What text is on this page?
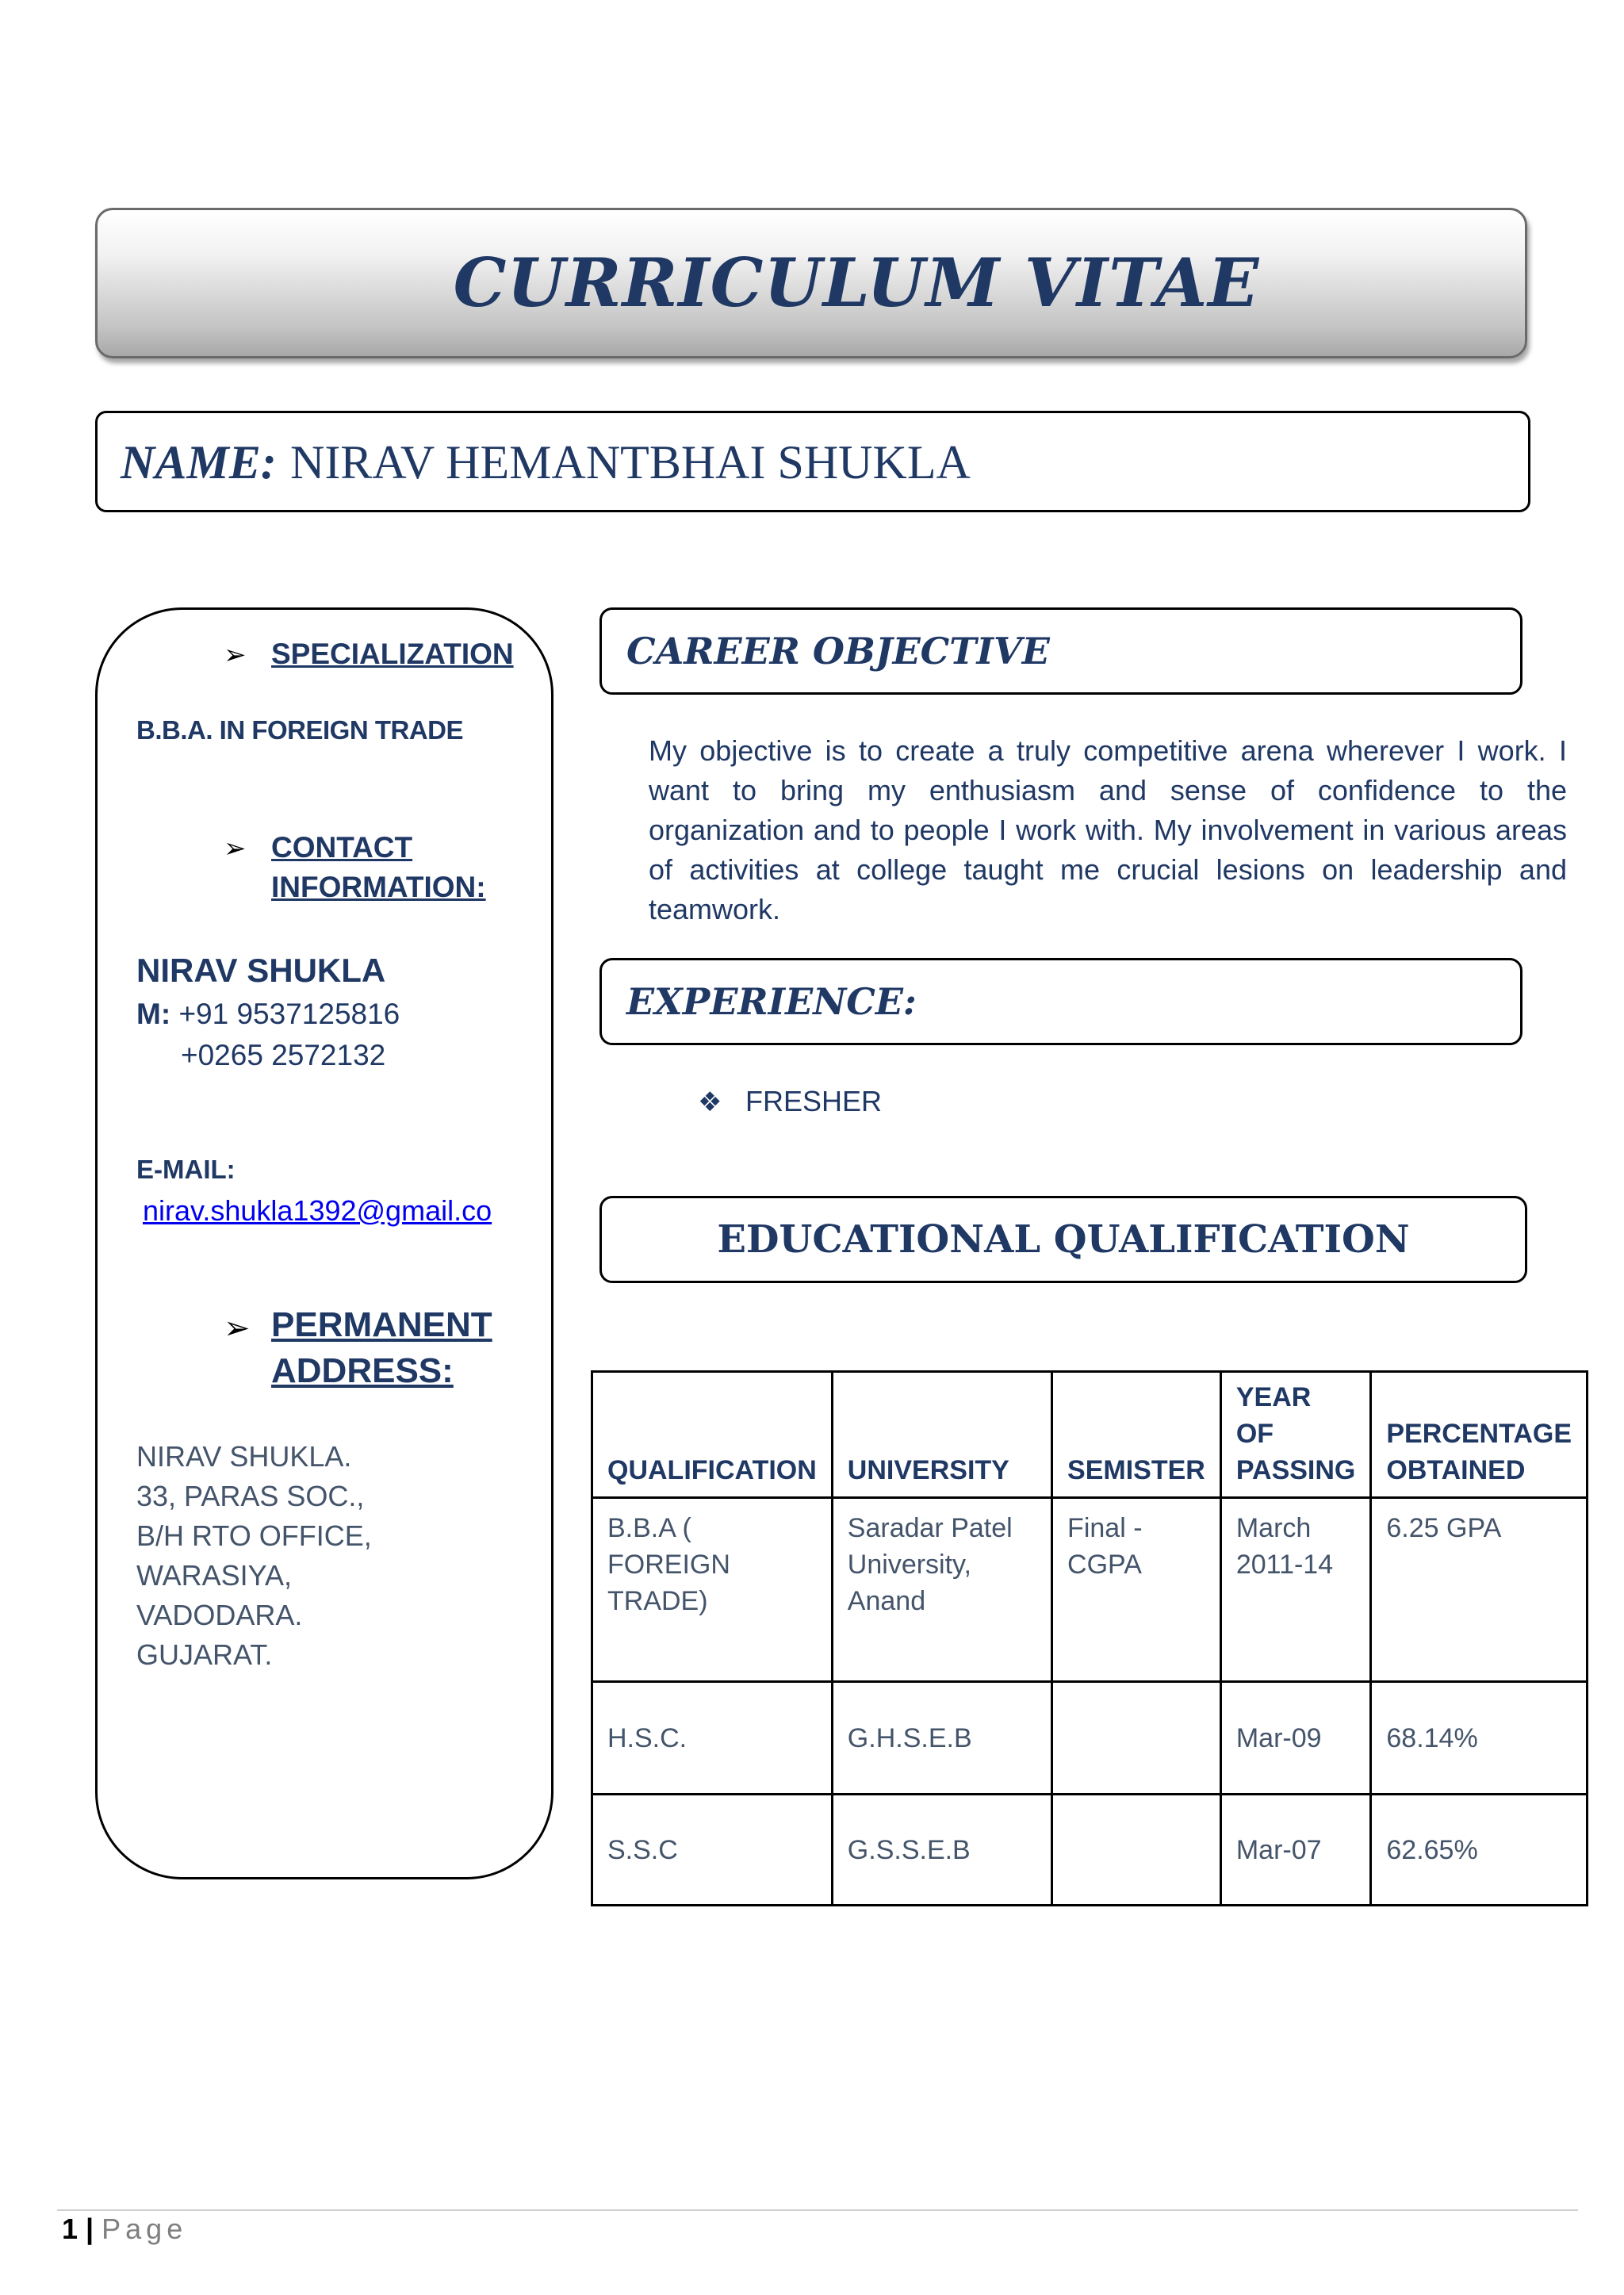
CURRICULUM VITAE
NAME: NIRAV HEMANTBHAI SHUKLA
➢ SPECIALIZATION
B.B.A. IN FOREIGN TRADE
➢ CONTACT
INFORMATION:
NIRAV SHUKLA
M: +91 9537125816
+0265 2572132
E-MAIL:
nirav.shukla1392@gmail.co
➢ PERMANENT
ADDRESS:
NIRAV SHUKLA.
33, PARAS SOC.,
B/H RTO OFFICE,
WARASIYA,
VADODARA.
GUJARAT.
CAREER OBJECTIVE
My objective is to create a truly competitive arena wherever I work. I want to bring my enthusiasm and sense of confidence to the organization and to people I work with. My involvement in various areas of activities at college taught me crucial lesions on leadership and teamwork.
EXPERIENCE:
❖ FRESHER
EDUCATIONAL QUALIFICATION
QUALIFICATION	UNIVERSITY	SEMISTER	YEAR OF PASSING	PERCENTAGE OBTAINED
B.B.A ( FOREIGN TRADE)	Saradar Patel University, Anand	Final - CGPA	March 2011-14	6.25 GPA
H.S.C.	G.H.S.E.B		Mar-09	68.14%
S.S.C	G.S.S.E.B		Mar-07	62.65%
1 | Page
